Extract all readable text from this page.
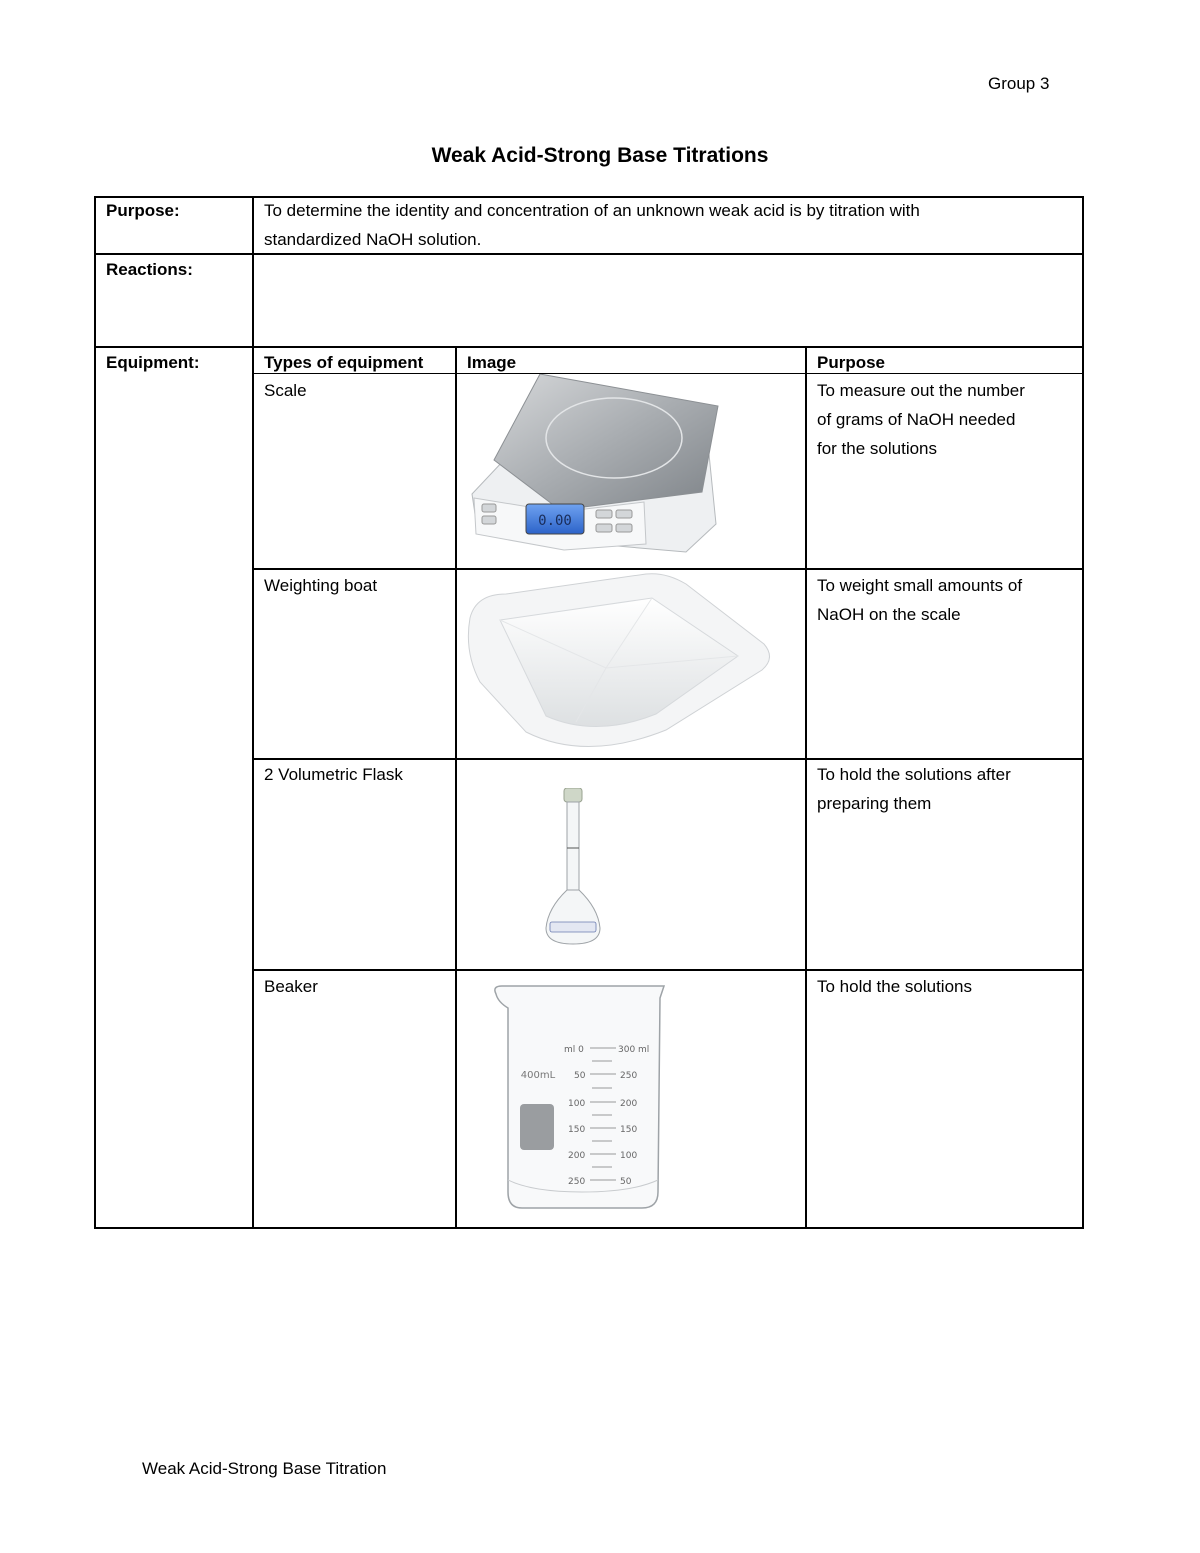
Group 3
Weak Acid-Strong Base Titrations
Purpose:	To determine the identity and concentration of an unknown weak acid is by titration with
standardized NaOH solution.
Reactions:
Equipment:	Types of equipment	Image	Purpose
Scale	To measure out the number
of grams of NaOH needed
for the solutions
0.00
Weighting boat	To weight small amounts of
NaOH on the scale
2 Volumetric Flask	To hold the solutions after
preparing them
Beaker	To hold the solutions
400mL
ml 0	300 ml
50	250
100	200
150	150
200	100
250	50
Weak Acid-Strong Base Titration
